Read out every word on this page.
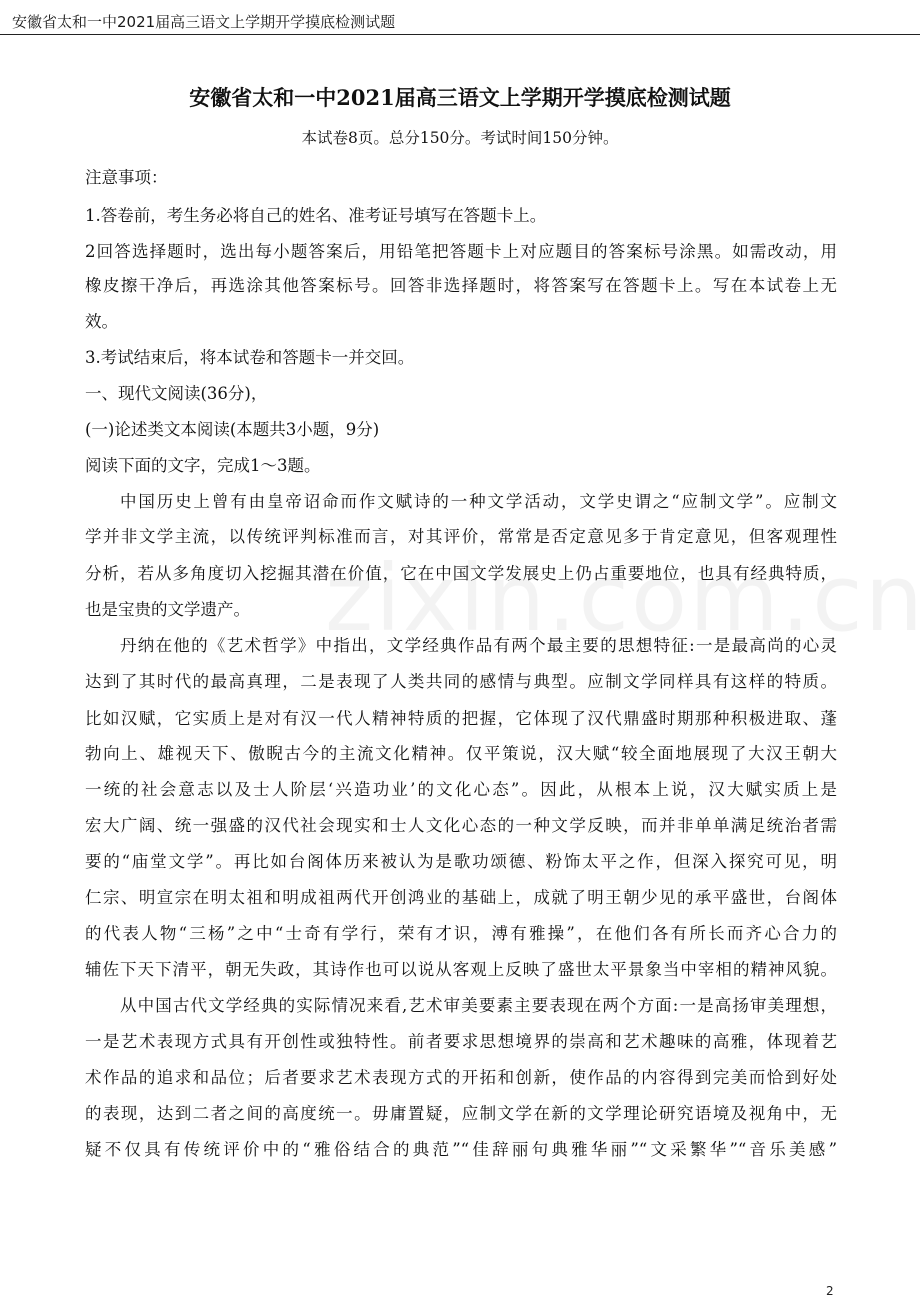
安徽省太和一中2021届高三语文上学期开学摸底检测试题
安徽省太和一中2021届高三语文上学期开学摸底检测试题
本试卷8页。总分150分。考试时间150分钟。
注意事项：
1.答卷前，考生务必将自己的姓名、准考证号填写在答题卡上。
2回答选择题时，选出每小题答案后，用铅笔把答题卡上对应题目的答案标号涂黑。如需改动，用
橡皮擦干净后，再选涂其他答案标号。回答非选择题时，将答案写在答题卡上。写在本试卷上无
效。
3.考试结束后，将本试卷和答题卡一并交回。
一、现代文阅读(36分)，
(一)论述类文本阅读(本题共3小题，9分)
阅读下面的文字，完成1～3题。
中国历史上曾有由皇帝诏命而作文赋诗的一种文学活动，文学史谓之“应制文学”。应制文
学并非文学主流，以传统评判标准而言，对其评价，常常是否定意见多于肯定意见，但客观理性
分析，若从多角度切入挖掘其潜在价值，它在中国文学发展史上仍占重要地位，也具有经典特质，
也是宝贵的文学遗产。
丹纳在他的《艺术哲学》中指出，文学经典作品有两个最主要的思想特征:一是最高尚的心灵
达到了其时代的最高真理，二是表现了人类共同的感情与典型。应制文学同样具有这样的特质。
比如汉赋，它实质上是对有汉一代人精神特质的把握，它体现了汉代鼎盛时期那种积极进取、蓬
勃向上、雄视天下、傲睨古今的主流文化精神。仅平策说，汉大赋“较全面地展现了大汉王朝大
一统的社会意志以及士人阶层‘兴造功业’的文化心态”。因此，从根本上说，汉大赋实质上是
宏大广阔、统一强盛的汉代社会现实和士人文化心态的一种文学反映，而并非单单满足统治者需
要的“庙堂文学”。再比如台阁体历来被认为是歌功颂德、粉饰太平之作，但深入探究可见，明
仁宗、明宣宗在明太祖和明成祖两代开创鸿业的基础上，成就了明王朝少见的承平盛世，台阁体
的代表人物“三杨”之中“士奇有学行，荣有才识，溥有雅操”，在他们各有所长而齐心合力的
辅佐下天下清平，朝无失政，其诗作也可以说从客观上反映了盛世太平景象当中宰相的精神风貌。
从中国古代文学经典的实际情况来看,艺术审美要素主要表现在两个方面:一是高扬审美理想，
一是艺术表现方式具有开创性或独特性。前者要求思想境界的崇高和艺术趣味的高雅，体现着艺
术作品的追求和品位；后者要求艺术表现方式的开拓和创新，使作品的内容得到完美而恰到好处
的表现，达到二者之间的高度统一。毋庸置疑，应制文学在新的文学理论研究语境及视角中，无
疑不仅具有传统评价中的“雅俗结合的典范”“佳辞丽句典雅华丽”“文采繁华”“音乐美感”
2
